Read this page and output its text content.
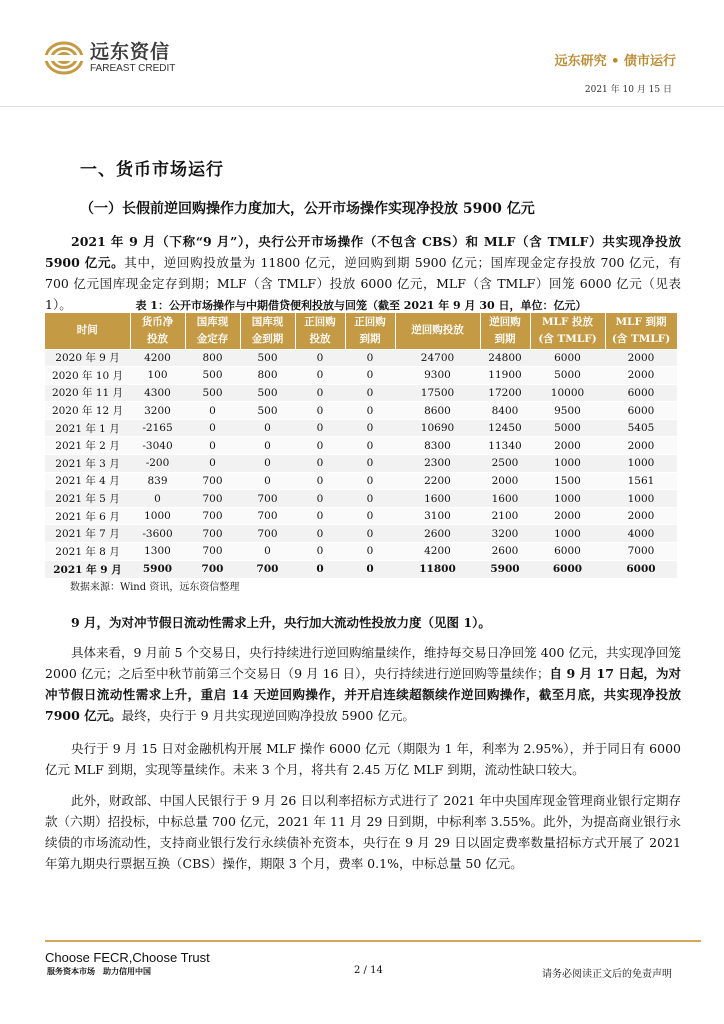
远东资信
FAREAST CREDIT	远东研究 • 债市运行
2021 年 10 月 15 日
一、货币市场运行
（一）长假前逆回购操作力度加大，公开市场操作实现净投放 5900 亿元
2021 年 9 月（下称“9 月”），央行公开市场操作（不包含 CBS）和 MLF（含 TMLF）共实现净投放 5900 亿元。其中，逆回购投放量为 11800 亿元，逆回购到期 5900 亿元；国库现金定存投放 700 亿元，有 700 亿元国库现金定存到期；MLF（含 TMLF）投放 6000 亿元，MLF（含 TMLF）回笼 6000 亿元（见表 1）。	表 1：公开市场操作与中期借贷便利投放与回笼（截至 2021 年 9 月 30 日，单位：亿元）
时间	货币净投放	国库现金定存	国库现金到期	正回购投放	正回购到期	逆回购投放	逆回购到期	MLF 投放(含 TMLF)	MLF 到期(含 TMLF)
2020 年 9 月	4200	800	500	0	0	24700	24800	6000	2000
2020 年 10 月	100	500	800	0	0	9300	11900	5000	2000
2020 年 11 月	4300	500	500	0	0	17500	17200	10000	6000
2020 年 12 月	3200	0	500	0	0	8600	8400	9500	6000
2021 年 1 月	-2165	0	0	0	0	10690	12450	5000	5405
2021 年 2 月	-3040	0	0	0	0	8300	11340	2000	2000
2021 年 3 月	-200	0	0	0	0	2300	2500	1000	1000
2021 年 4 月	839	700	0	0	0	2200	2000	1500	1561
2021 年 5 月	0	700	700	0	0	1600	1600	1000	1000
2021 年 6 月	1000	700	700	0	0	3100	2100	2000	2000
2021 年 7 月	-3600	700	700	0	0	2600	3200	1000	4000
2021 年 8 月	1300	700	0	0	0	4200	2600	6000	7000
2021 年 9 月	5900	700	700	0	0	11800	5900	6000	6000
数据来源：Wind 资讯，远东资信整理
9 月，为对冲节假日流动性需求上升，央行加大流动性投放力度（见图 1）。
具体来看，9 月前 5 个交易日，央行持续进行逆回购缩量续作，维持每交易日净回笼 400 亿元，共实现净回笼 2000 亿元；之后至中秋节前第三个交易日（9 月 16 日），央行持续进行逆回购等量续作；自 9 月 17 日起，为对冲节假日流动性需求上升，重启 14 天逆回购操作，并开启连续超额续作逆回购操作，截至月底，共实现净投放 7900 亿元。最终，央行于 9 月共实现逆回购净投放 5900 亿元。
央行于 9 月 15 日对金融机构开展 MLF 操作 6000 亿元（期限为 1 年，利率为 2.95%），并于同日有 6000 亿元 MLF 到期，实现等量续作。未来 3 个月，将共有 2.45 万亿 MLF 到期，流动性缺口较大。
此外，财政部、中国人民银行于 9 月 26 日以利率招标方式进行了 2021 年中央国库现金管理商业银行定期存款（六期）招投标，中标总量 700 亿元，2021 年 11 月 29 日到期，中标利率 3.55%。此外，为提高商业银行永续债的市场流动性，支持商业银行发行永续债补充资本，央行在 9 月 29 日以固定费率数量招标方式开展了 2021 年第九期央行票据互换（CBS）操作，期限 3 个月，费率 0.1%，中标总量 50 亿元。
Choose FECR,Choose Trust
服务资本市场　助力信用中国	2 / 14	请务必阅读正文后的免责声明
